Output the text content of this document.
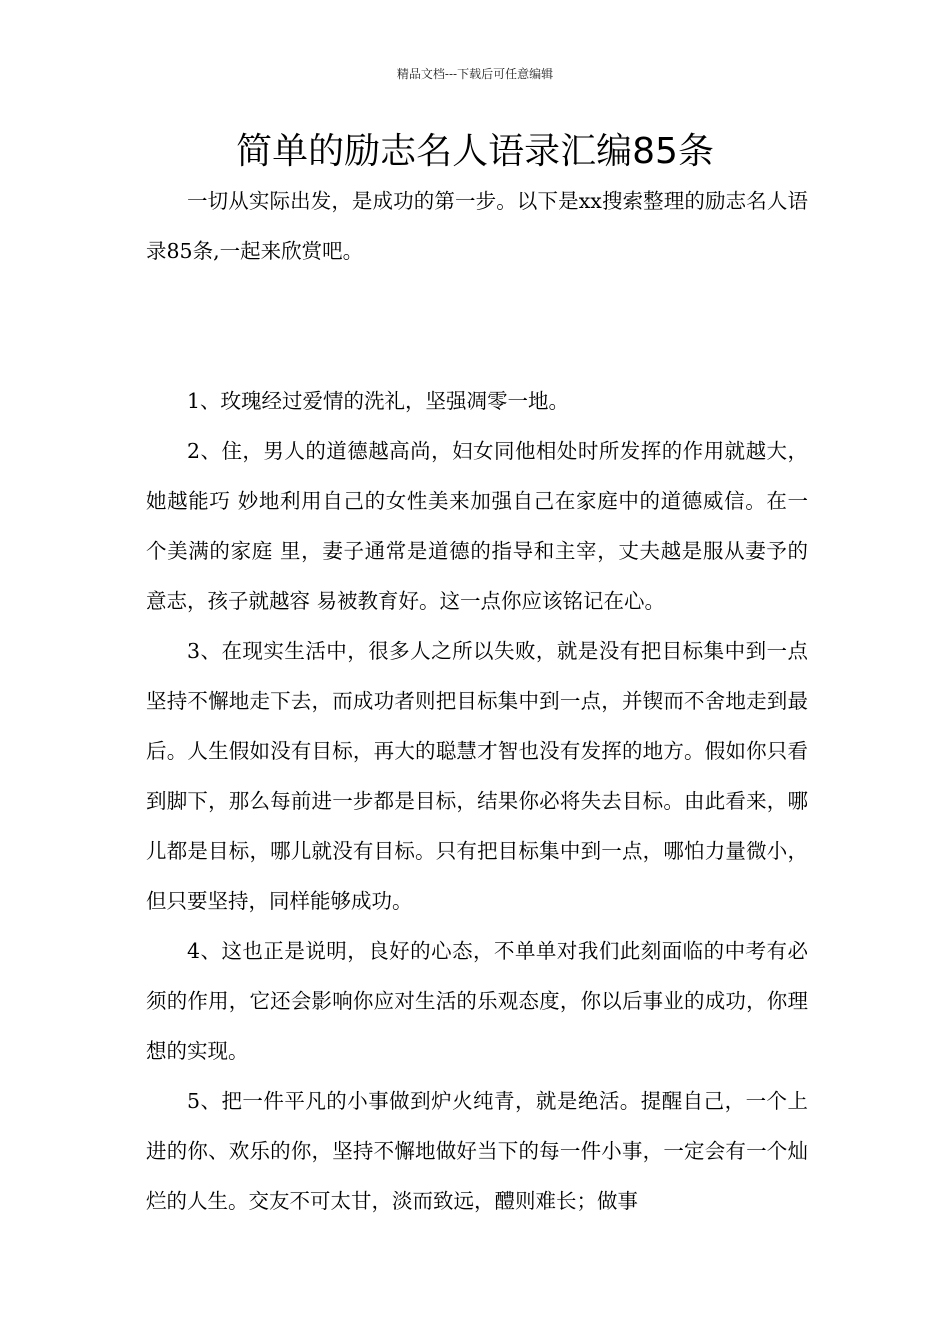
精品文档---下载后可任意编辑
简单的励志名人语录汇编85条

一切从实际出发，是成功的第一步。以下是xx搜索整理的励志名人语录85条,一起来欣赏吧。

1、玫瑰经过爱情的洗礼，坚强凋零一地。

2、住，男人的道德越高尚，妇女同他相处时所发挥的作用就越大，她越能巧 妙地利用自己的女性美来加强自己在家庭中的道德威信。在一个美满的家庭 里，妻子通常是道德的指导和主宰，丈夫越是服从妻予的意志，孩子就越容 易被教育好。这一点你应该铭记在心。

3、在现实生活中，很多人之所以失败，就是没有把目标集中到一点坚持不懈地走下去，而成功者则把目标集中到一点，并锲而不舍地走到最后。人生假如没有目标，再大的聪慧才智也没有发挥的地方。假如你只看到脚下，那么每前进一步都是目标，结果你必将失去目标。由此看来，哪儿都是目标，哪儿就没有目标。只有把目标集中到一点，哪怕力量微小，但只要坚持，同样能够成功。

4、这也正是说明，良好的心态，不单单对我们此刻面临的中考有必须的作用，它还会影响你应对生活的乐观态度，你以后事业的成功，你理想的实现。

5、把一件平凡的小事做到炉火纯青，就是绝活。提醒自己，一个上进的你、欢乐的你，坚持不懈地做好当下的每一件小事，一定会有一个灿烂的人生。交友不可太甘，淡而致远，醴则难长；做事
